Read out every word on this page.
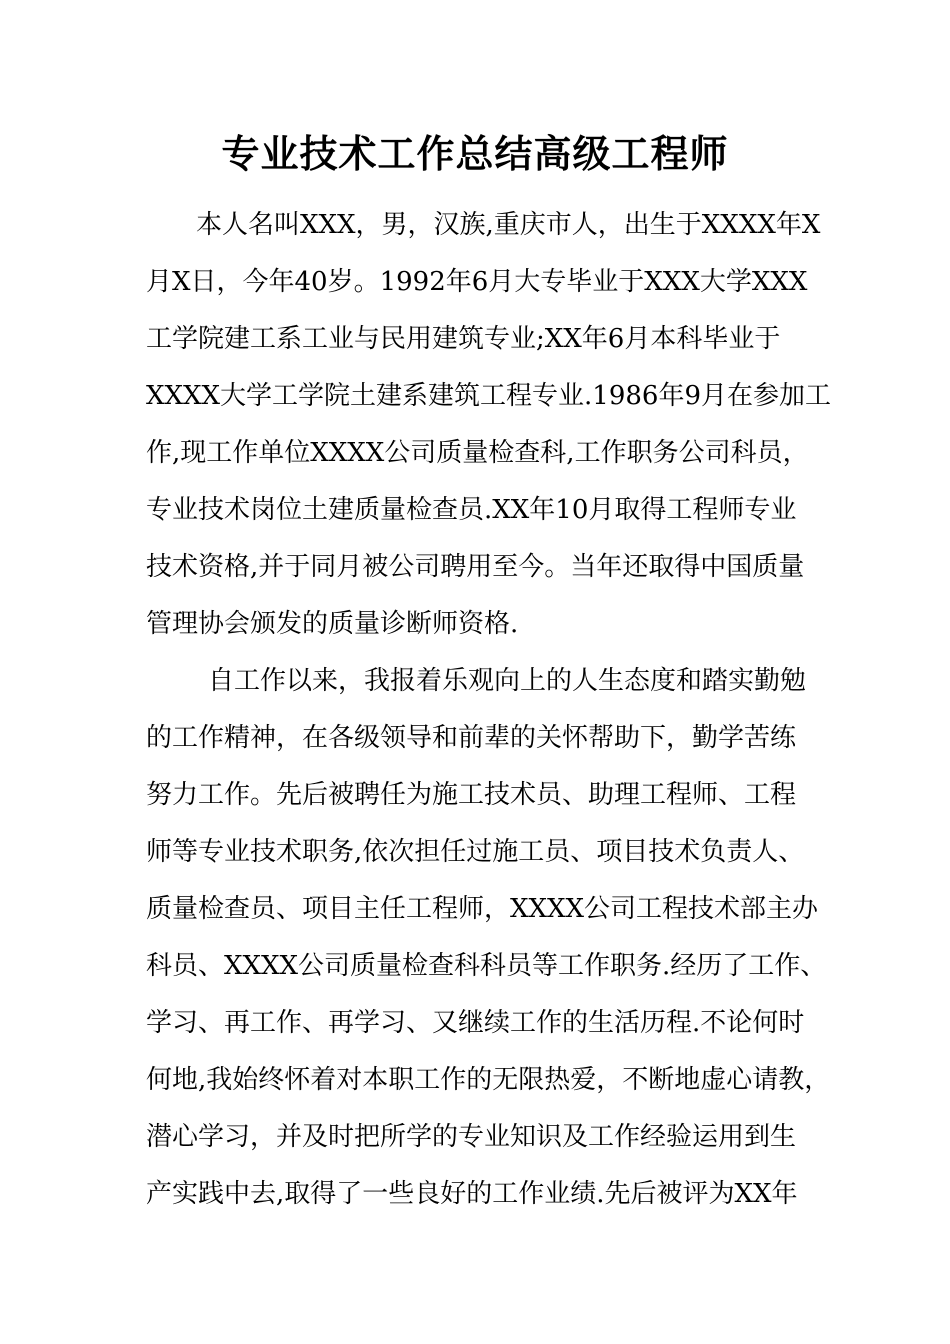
专业技术工作总结高级工程师
本人名叫XXX，男，汉族,重庆市人，出生于XXXX年X
月X日，今年40岁。1992年6月大专毕业于XXX大学XXX
工学院建工系工业与民用建筑专业;XX年6月本科毕业于
XXXX大学工学院土建系建筑工程专业.1986年9月在参加工
作,现工作单位XXXX公司质量检查科,工作职务公司科员，
专业技术岗位土建质量检查员.XX年10月取得工程师专业
技术资格,并于同月被公司聘用至今。当年还取得中国质量
管理协会颁发的质量诊断师资格.
自工作以来，我报着乐观向上的人生态度和踏实勤勉
的工作精神，在各级领导和前辈的关怀帮助下，勤学苦练
努力工作。先后被聘任为施工技术员、助理工程师、工程
师等专业技术职务,依次担任过施工员、项目技术负责人、
质量检查员、项目主任工程师，XXXX公司工程技术部主办
科员、XXXX公司质量检查科科员等工作职务.经历了工作、
学习、再工作、再学习、又继续工作的生活历程.不论何时
何地,我始终怀着对本职工作的无限热爱，不断地虚心请教，
潜心学习，并及时把所学的专业知识及工作经验运用到生
产实践中去,取得了一些良好的工作业绩.先后被评为XX年
